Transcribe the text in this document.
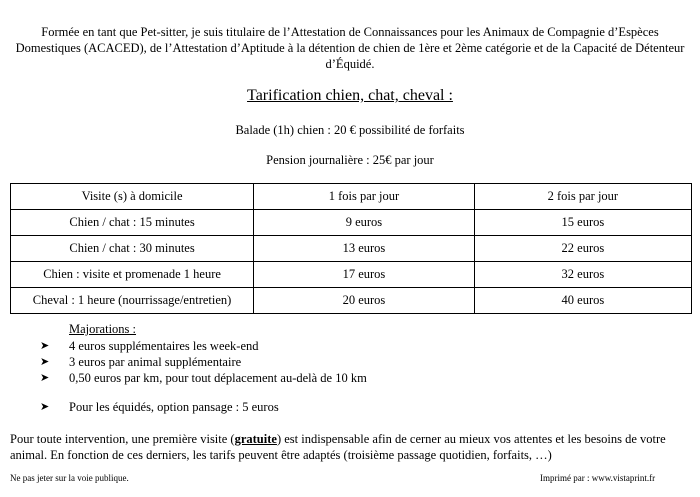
Formée en tant que Pet-sitter, je suis titulaire de l’Attestation de Connaissances pour les Animaux de Compagnie d’Espèces Domestiques (ACACED), de l’Attestation d’Aptitude à la détention de chien de 1ère et 2ème catégorie et de la Capacité de Détenteur d’Équidé.
Tarification chien, chat, cheval :
Balade (1h) chien : 20 € possibilité de forfaits
Pension journalière : 25€ par jour
Visite (s) à domicile	1 fois par jour	2 fois par jour
Chien / chat : 15 minutes	9 euros	15 euros
Chien / chat : 30 minutes	13 euros	22 euros
Chien : visite et promenade 1 heure	17 euros	32 euros
Cheval : 1 heure (nourrissage/entretien)	20 euros	40 euros
Majorations :
➤	4 euros supplémentaires les week-end
➤	3 euros par animal supplémentaire
➤	0,50 euros par km, pour tout déplacement au-delà de 10 km
➤	Pour les équidés, option pansage : 5 euros
Pour toute intervention, une première visite (gratuite) est indispensable afin de cerner au mieux vos attentes et les besoins de votre animal. En fonction de ces derniers, les tarifs peuvent être adaptés (troisième passage quotidien, forfaits, …)
Ne pas jeter sur la voie publique.	Imprimé par : www.vistaprint.fr
